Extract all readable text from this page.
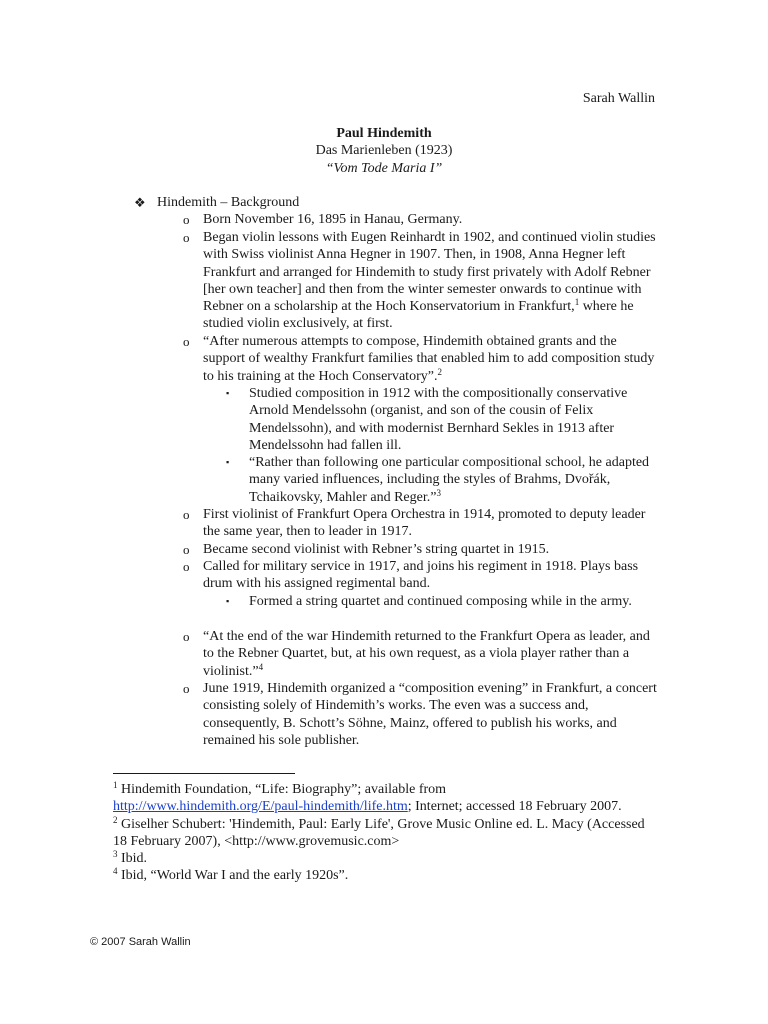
Sarah Wallin
Paul Hindemith
Das Marienleben (1923)
“Vom Tode Maria I”
❖ Hindemith – Background
o Born November 16, 1895 in Hanau, Germany.
o Began violin lessons with Eugen Reinhardt in 1902, and continued violin studies with Swiss violinist Anna Hegner in 1907. Then, in 1908, Anna Hegner left Frankfurt and arranged for Hindemith to study first privately with Adolf Rebner [her own teacher] and then from the winter semester onwards to continue with Rebner on a scholarship at the Hoch Konservatorium in Frankfurt,$^1$ where he studied violin exclusively, at first.
o “After numerous attempts to compose, Hindemith obtained grants and the support of wealthy Frankfurt families that enabled him to add composition study to his training at the Hoch Conservatory”.$^2$
▪ Studied composition in 1912 with the compositionally conservative Arnold Mendelssohn (organist, and son of the cousin of Felix Mendelssohn), and with modernist Bernhard Sekles in 1913 after Mendelssohn had fallen ill.
▪ “Rather than following one particular compositional school, he adapted many varied influences, including the styles of Brahms, Dvořák, Tchaikovsky, Mahler and Reger.”$^3$
o First violinist of Frankfurt Opera Orchestra in 1914, promoted to deputy leader the same year, then to leader in 1917.
o Became second violinist with Rebner’s string quartet in 1915.
o Called for military service in 1917, and joins his regiment in 1918. Plays bass drum with his assigned regimental band.
▪ Formed a string quartet and continued composing while in the army.
o “At the end of the war Hindemith returned to the Frankfurt Opera as leader, and to the Rebner Quartet, but, at his own request, as a viola player rather than a violinist.”$^4$
o June 1919, Hindemith organized a “composition evening” in Frankfurt, a concert consisting solely of Hindemith’s works. The even was a success and, consequently, B. Schott’s Söhne, Mainz, offered to publish his works, and remained his sole publisher.
$^1$ Hindemith Foundation, “Life: Biography”; available from
http://www.hindemith.org/E/paul-hindemith/life.htm; Internet; accessed 18 February 2007.
$^2$ Giselher Schubert: 'Hindemith, Paul: Early Life', Grove Music Online ed. L. Macy (Accessed 18 February 2007), <http://www.grovemusic.com>
$^3$ Ibid.
$^4$ Ibid, “World War I and the early 1920s”.
© 2007 Sarah Wallin
